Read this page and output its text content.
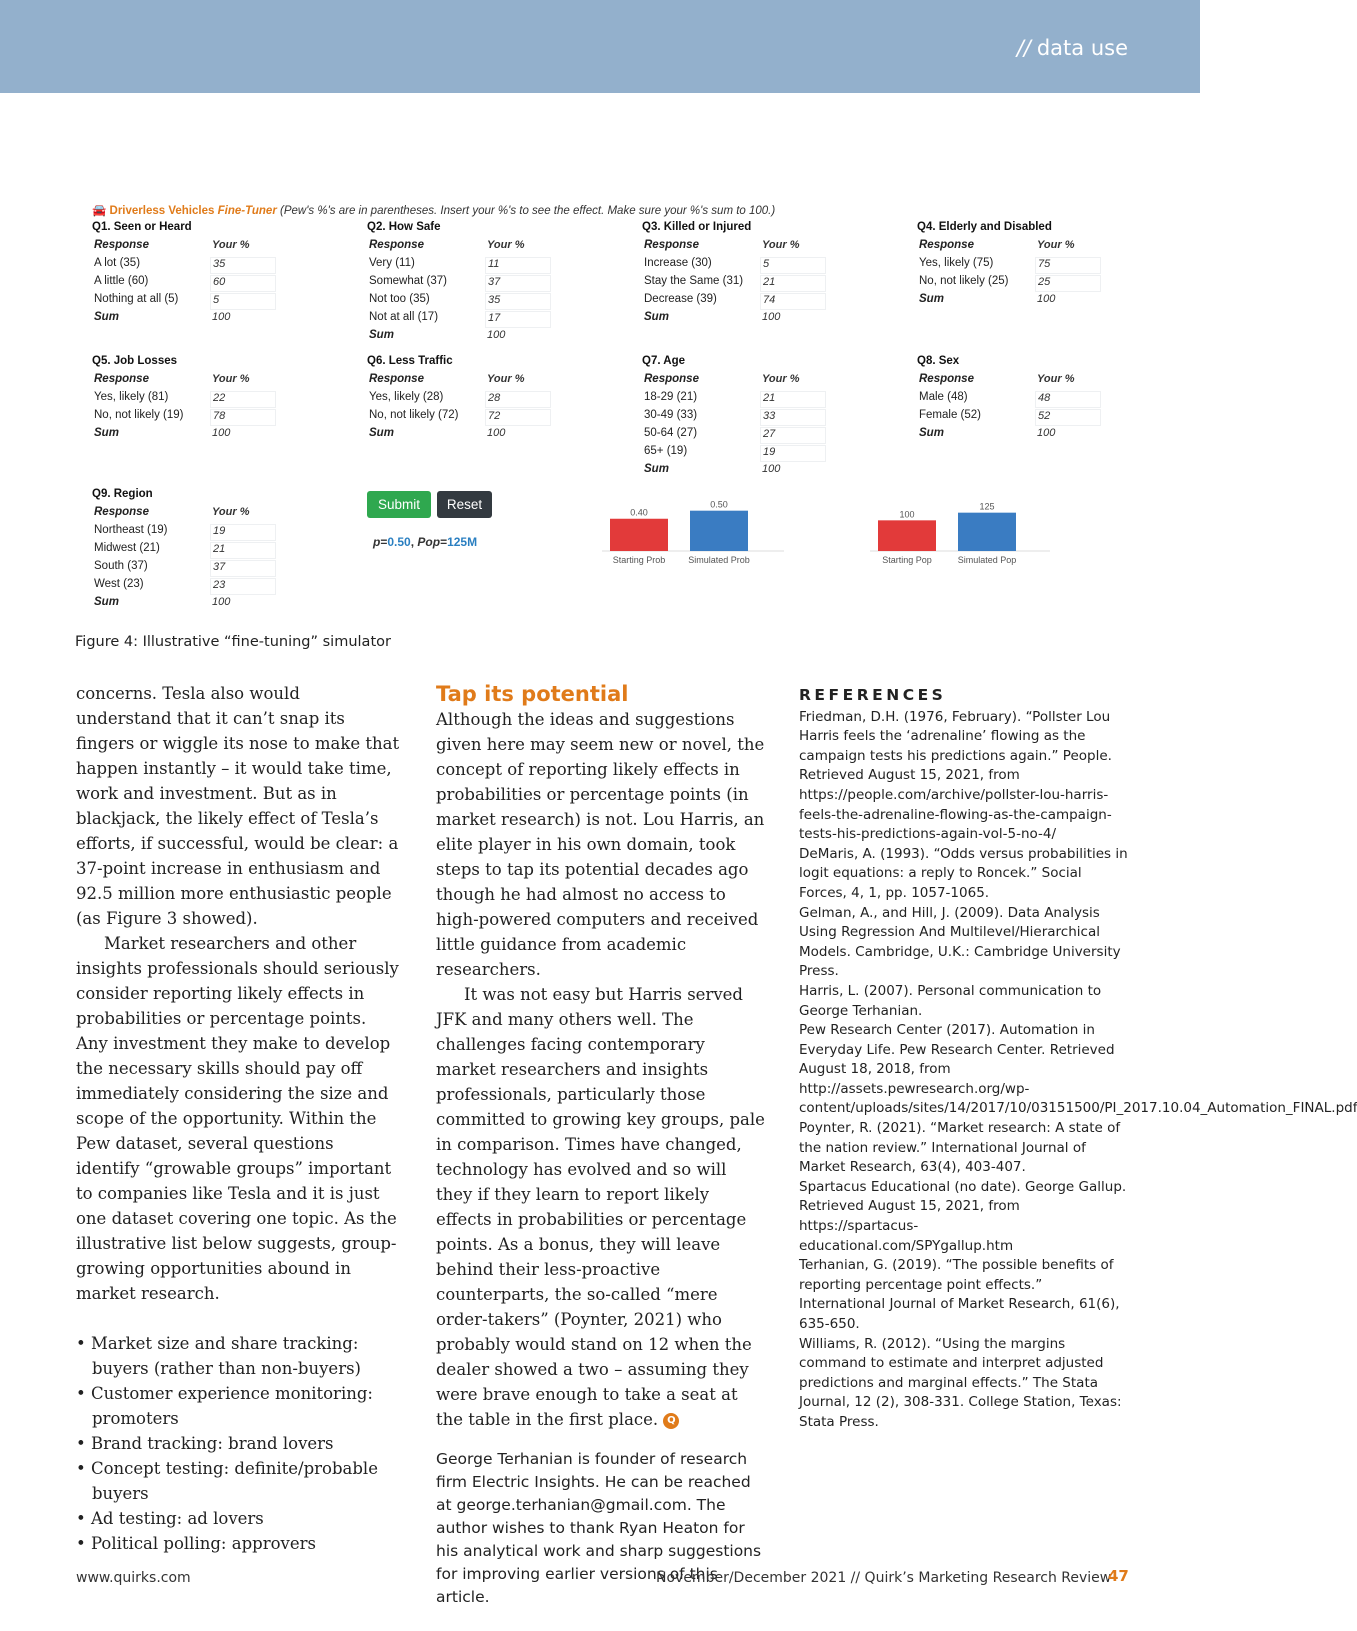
// data use
🚘 Driverless Vehicles Fine-Tuner (Pew's %'s are in parentheses. Insert your %'s to see the effect. Make sure your %'s sum to 100.)
Q1. Seen or Heard
Response	Your %
A lot (35)	35
A little (60)	60
Nothing at all (5)	5
Sum	100
Q2. How Safe
Response	Your %
Very (11)	11
Somewhat (37)	37
Not too (35)	35
Not at all (17)	17
Sum	100
Q3. Killed or Injured
Response	Your %
Increase (30)	5
Stay the Same (31) 21
Decrease (39)	74
Sum	100
Q4. Elderly and Disabled
Response	Your %
Yes, likely (75)	75
No, not likely (25)	25
Sum	100
Q5. Job Losses
Response	Your %
Yes, likely (81)	22
No, not likely (19)	78
Sum	100
Q6. Less Traffic
Response	Your %
Yes, likely (28)	28
No, not likely (72)	72
Sum	100
Q7. Age
Response	Your %
18-29 (21)	21
30-49 (33)	33
50-64 (27)	27
65+ (19)	19
Sum	100
Q8. Sex
Response	Your %
Male (48)	48
Female (52)	52
Sum	100
Q9. Region
Response	Your %
Northeast (19)	19
Midwest (21)	21
South (37)	37
West (23)	23
Sum	100
Submit	Reset
p=0.50, Pop=125M
0.40
Starting Prob
0.50
Simulated Prob
100
Starting Pop
125
Simulated Pop
Figure 4: Illustrative “fine-tuning” simulator

concerns. Tesla also would understand that it can’t snap its fingers or wiggle its nose to make that happen instantly – it would take time, work and investment. But as in blackjack, the likely effect of Tesla’s efforts, if successful, would be clear: a 37-point increase in enthusiasm and 92.5 million more enthusiastic people (as Figure 3 showed).

Market researchers and other insights professionals should seriously consider reporting likely effects in probabilities or percentage points. Any investment they make to develop the necessary skills should pay off immediately considering the size and scope of the opportunity. Within the Pew dataset, several questions identify “growable groups” important to companies like Tesla and it is just one dataset covering one topic. As the illustrative list below suggests, group-growing opportunities abound in market research.

• Market size and share tracking: buyers (rather than non-buyers)
• Customer experience monitoring: promoters
• Brand tracking: brand lovers
• Concept testing: definite/probable buyers
• Ad testing: ad lovers
• Political polling: approvers
Tap its potential

Although the ideas and suggestions given here may seem new or novel, the concept of reporting likely effects in probabilities or percentage points (in market research) is not. Lou Harris, an elite player in his own domain, took steps to tap its potential decades ago though he had almost no access to high-powered computers and received little guidance from academic researchers.

It was not easy but Harris served JFK and many others well. The challenges facing contemporary market researchers and insights professionals, particularly those committed to growing key groups, pale in comparison. Times have changed, technology has evolved and so will they if they learn to report likely effects in probabilities or percentage points. As a bonus, they will leave behind their less-proactive counterparts, the so-called “mere order-takers” (Poynter, 2021) who probably would stand on 12 when the dealer showed a two – assuming they were brave enough to take a seat at the table in the first place. Q

George Terhanian is founder of research firm Electric Insights. He can be reached at george.terhanian@gmail.com. The author wishes to thank Ryan Heaton for his analytical work and sharp suggestions for improving earlier versions of this article.

REFERENCES

Friedman, D.H. (1976, February). “Pollster Lou Harris feels the ‘adrenaline’ flowing as the campaign tests his predictions again.” People. Retrieved August 15, 2021, from https://people.com/archive/pollster-lou-harris-feels-the-adrenaline-flowing-as-the-campaign-tests-his-predictions-again-vol-5-no-4/

DeMaris, A. (1993). “Odds versus probabilities in logit equations: a reply to Roncek.” Social Forces, 4, 1, pp. 1057-1065.

Gelman, A., and Hill, J. (2009). Data Analysis Using Regression And Multilevel/Hierarchical Models. Cambridge, U.K.: Cambridge University Press.

Harris, L. (2007). Personal communication to George Terhanian.

Pew Research Center (2017). Automation in Everyday Life. Pew Research Center. Retrieved August 18, 2018, from http://assets.pewresearch.org/wp-content/uploads/sites/14/2017/10/03151500/PI_2017.10.04_Automation_FINAL.pdf

Poynter, R. (2021). “Market research: A state of the nation review.” International Journal of Market Research, 63(4), 403-407.

Spartacus Educational (no date). George Gallup. Retrieved August 15, 2021, from https://spartacus-educational.com/SPYgallup.htm

Terhanian, G. (2019). “The possible benefits of reporting percentage point effects.” International Journal of Market Research, 61(6), 635-650.

Williams, R. (2012). “Using the margins command to estimate and interpret adjusted predictions and marginal effects.” The Stata Journal, 12 (2), 308-331. College Station, Texas: Stata Press.

www.quirks.com	November/December 2021 // Quirk’s Marketing Research Review
47
